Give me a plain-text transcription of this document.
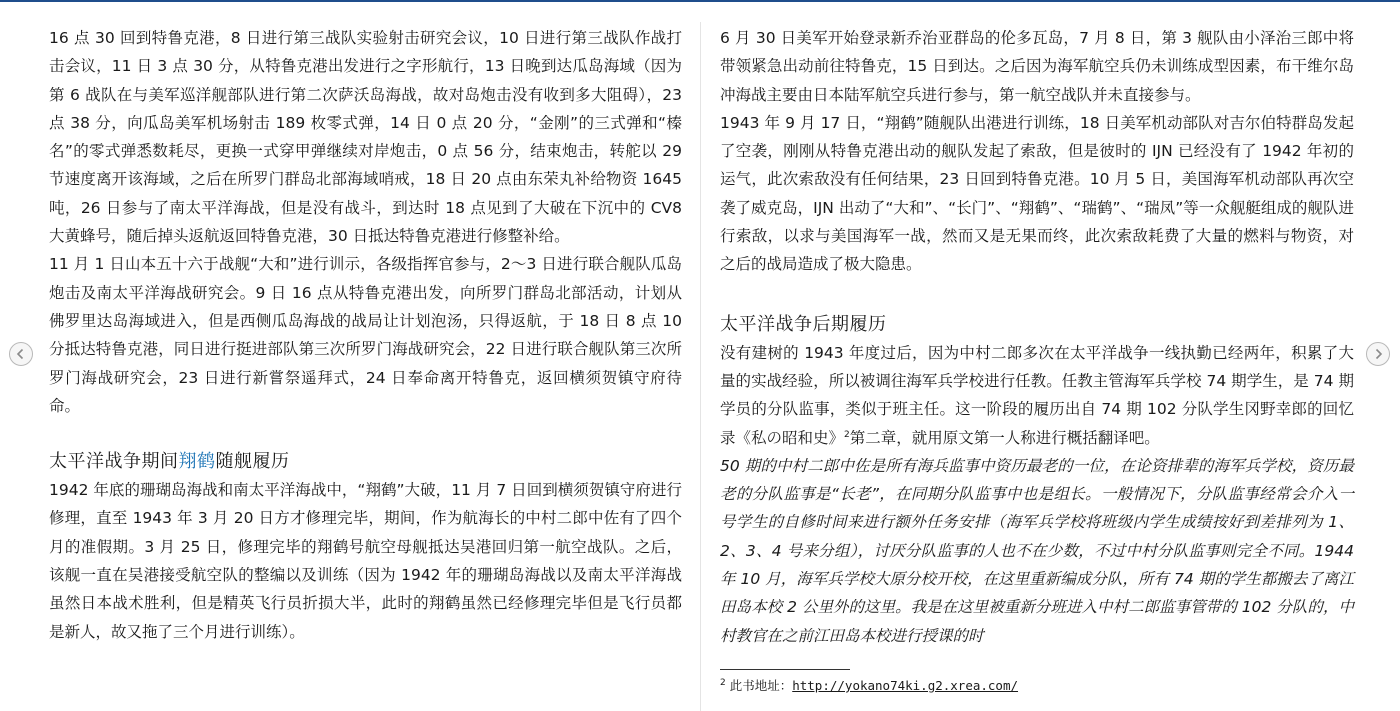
16 点 30 回到特鲁克港，8 日进行第三战队实验射击研究会议，10 日进行第三战队作战打击会议，11 日 3 点 30 分，从特鲁克港出发进行之字形航行，13 日晚到达瓜岛海域（因为第 6 战队在与美军巡洋舰部队进行第二次萨沃岛海战，故对岛炮击没有收到多大阻碍），23 点 38 分，向瓜岛美军机场射击 189 枚零式弹，14 日 0 点 20 分，“金刚”的三式弹和“榛名”的零式弹悉数耗尽，更换一式穿甲弹继续对岸炮击，0 点 56 分，结束炮击，转舵以 29 节速度离开该海域，之后在所罗门群岛北部海域哨戒，18 日 20 点由东荣丸补给物资 1645 吨，26 日参与了南太平洋海战，但是没有战斗，到达时 18 点见到了大破在下沉中的 CV8 大黄蜂号，随后掉头返航返回特鲁克港，30 日抵达特鲁克港进行修整补给。

11 月 1 日山本五十六于战舰“大和”进行训示，各级指挥官参与，2～3 日进行联合舰队瓜岛炮击及南太平洋海战研究会。9 日 16 点从特鲁克港出发，向所罗门群岛北部活动，计划从佛罗里达岛海域进入，但是西侧瓜岛海战的战局让计划泡汤，只得返航，于 18 日 8 点 10 分抵达特鲁克港，同日进行挺进部队第三次所罗门海战研究会，22 日进行联合舰队第三次所罗门海战研究会，23 日进行新嘗祭遥拜式，24 日奉命离开特鲁克，返回横须贺镇守府待命。

太平洋战争期间翔鹤随舰履历

1942 年底的珊瑚岛海战和南太平洋海战中，“翔鹤”大破，11 月 7 日回到横须贺镇守府进行修理，直至 1943 年 3 月 20 日方才修理完毕，期间，作为航海长的中村二郎中佐有了四个月的准假期。3 月 25 日，修理完毕的翔鹤号航空母舰抵达吴港回归第一航空战队。之后，该舰一直在吴港接受航空队的整编以及训练（因为 1942 年的珊瑚岛海战以及南太平洋海战虽然日本战术胜利，但是精英飞行员折损大半，此时的翔鹤虽然已经修理完毕但是飞行员都是新人，故又拖了三个月进行训练）。

6 月 30 日美军开始登录新乔治亚群岛的伦多瓦岛，7 月 8 日，第 3 舰队由小泽治三郎中将带领紧急出动前往特鲁克，15 日到达。之后因为海军航空兵仍未训练成型因素，布干维尔岛冲海战主要由日本陆军航空兵进行参与，第一航空战队并未直接参与。

1943 年 9 月 17 日，“翔鹤”随舰队出港进行训练，18 日美军机动部队对吉尔伯特群岛发起了空袭，刚刚从特鲁克港出动的舰队发起了索敌，但是彼时的 IJN 已经没有了 1942 年初的运气，此次索敌没有任何结果，23 日回到特鲁克港。10 月 5 日，美国海军机动部队再次空袭了威克岛，IJN 出动了“大和”、“长门”、“翔鹤”、“瑞鹤”、“瑞凤”等一众舰艇组成的舰队进行索敌，以求与美国海军一战，然而又是无果而终，此次索敌耗费了大量的燃料与物资，对之后的战局造成了极大隐患。

太平洋战争后期履历

没有建树的 1943 年度过后，因为中村二郎多次在太平洋战争一线执勤已经两年，积累了大量的实战经验，所以被调往海军兵学校进行任教。任教主管海军兵学校 74 期学生，是 74 期学员的分队监事，类似于班主任。这一阶段的履历出自 74 期 102 分队学生冈野幸郎的回忆录《私の昭和史》$^2$第二章，就用原文第一人称进行概括翻译吧。

50 期的中村二郎中佐是所有海兵监事中资历最老的一位，在论资排辈的海军兵学校，资历最老的分队监事是“长老”，在同期分队监事中也是组长。一般情况下，分队监事经常会介入一号学生的自修时间来进行额外任务安排（海军兵学校将班级内学生成绩按好到差排列为 1、2、3、4 号来分组），讨厌分队监事的人也不在少数，不过中村分队监事则完全不同。1944 年 10 月，海军兵学校大原分校开校，在这里重新编成分队，所有 74 期的学生都搬去了离江田岛本校 2 公里外的这里。我是在这里被重新分班进入中村二郎监事管带的 102 分队的，中村教官在之前江田岛本校进行授课的时

$^2$ 此书地址：http://yokano74ki.g2.xrea.com/
